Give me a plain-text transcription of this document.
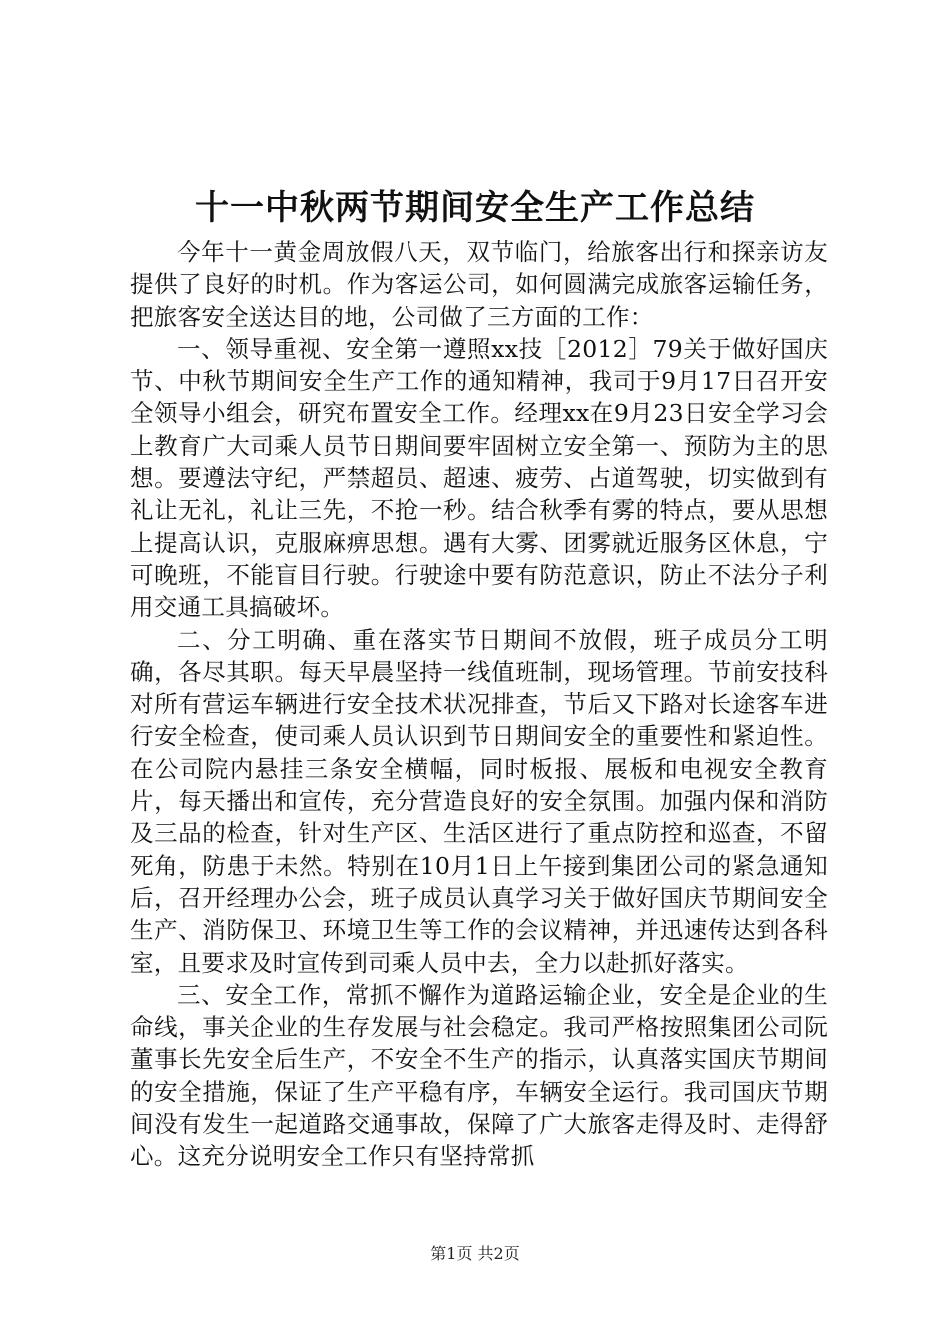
十一中秋两节期间安全生产工作总结

今年十一黄金周放假八天，双节临门，给旅客出行和探亲访友提供了良好的时机。作为客运公司，如何圆满完成旅客运输任务，把旅客安全送达目的地，公司做了三方面的工作：

一、领导重视、安全第一遵照xx技［2012］79关于做好国庆节、中秋节期间安全生产工作的通知精神，我司于9月17日召开安全领导小组会，研究布置安全工作。经理xx在9月23日安全学习会上教育广大司乘人员节日期间要牢固树立安全第一、预防为主的思想。要遵法守纪，严禁超员、超速、疲劳、占道驾驶，切实做到有礼让无礼，礼让三先，不抢一秒。结合秋季有雾的特点，要从思想上提高认识，克服麻痹思想。遇有大雾、团雾就近服务区休息，宁可晚班，不能盲目行驶。行驶途中要有防范意识，防止不法分子利用交通工具搞破坏。

二、分工明确、重在落实节日期间不放假，班子成员分工明确，各尽其职。每天早晨坚持一线值班制，现场管理。节前安技科对所有营运车辆进行安全技术状况排查，节后又下路对长途客车进行安全检查，使司乘人员认识到节日期间安全的重要性和紧迫性。在公司院内悬挂三条安全横幅，同时板报、展板和电视安全教育片，每天播出和宣传，充分营造良好的安全氛围。加强内保和消防及三品的检查，针对生产区、生活区进行了重点防控和巡查，不留死角，防患于未然。特别在10月1日上午接到集团公司的紧急通知后，召开经理办公会，班子成员认真学习关于做好国庆节期间安全生产、消防保卫、环境卫生等工作的会议精神，并迅速传达到各科室，且要求及时宣传到司乘人员中去，全力以赴抓好落实。

三、安全工作，常抓不懈作为道路运输企业，安全是企业的生命线，事关企业的生存发展与社会稳定。我司严格按照集团公司阮董事长先安全后生产，不安全不生产的指示，认真落实国庆节期间的安全措施，保证了生产平稳有序，车辆安全运行。我司国庆节期间没有发生一起道路交通事故，保障了广大旅客走得及时、走得舒心。这充分说明安全工作只有坚持常抓

第1页 共2页
